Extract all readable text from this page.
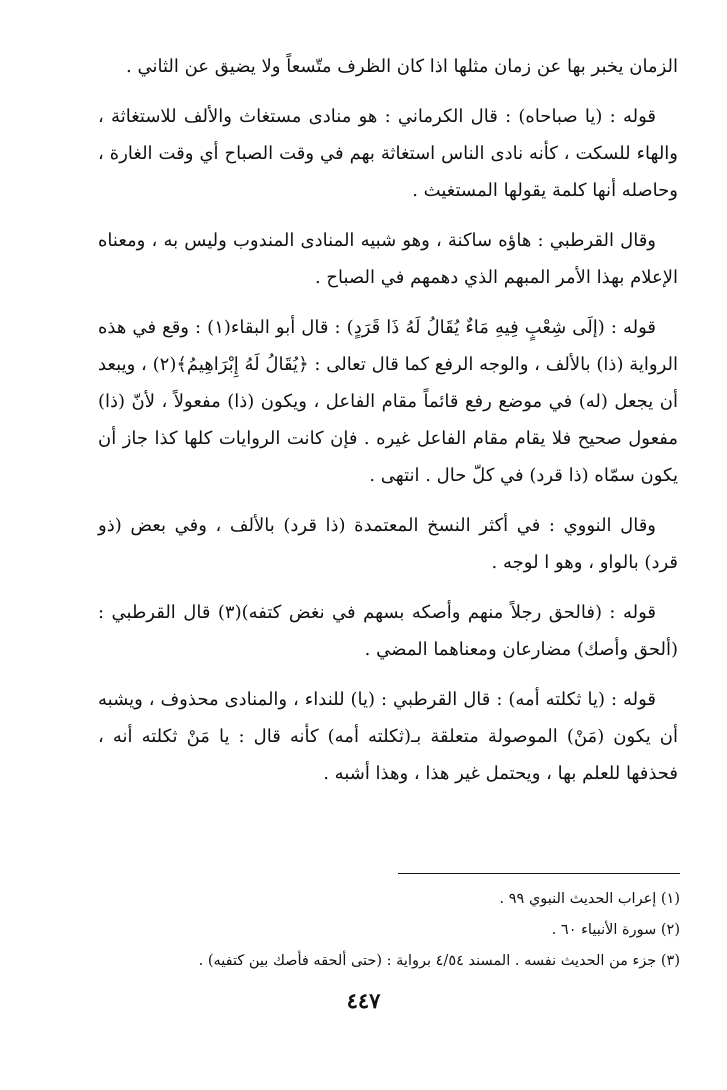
الزمان يخبر بها عن زمان مثلها اذا كان الظرف متّسعاً ولا يضيق عن الثاني .

قوله : (يا صباحاه) : قال الكرماني : هو منادى مستغاث والألف للاستغاثة ، والهاء للسكت ، كأنه نادى الناس استغاثة بهم في وقت الصباح أي وقت الغارة ، وحاصله أنها كلمة يقولها المستغيث .

وقال القرطبي : هاؤه ساكنة ، وهو شبيه المنادى المندوب وليس به ، ومعناه الإعلام بهذا الأمر المبهم الذي دهمهم في الصباح .

قوله : (إلَى شِعْبٍ فِيهِ مَاءٌ يُقَالُ لَهُ ذَا قَرَدٍ) : قال أبو البقاء(١) : وقع في هذه الرواية (ذا) بالألف ، والوجه الرفع كما قال تعالى : ﴿يُقَالُ لَهُ إِبْرَاهِيمُ﴾(٢) ، ويبعد أن يجعل (له) في موضع رفع قائماً مقام الفاعل ، ويكون (ذا) مفعولاً ، لأنّ (ذا) مفعول صحيح فلا يقام مقام الفاعل غيره . فإن كانت الروايات كلها كذا جاز أن يكون سمّاه (ذا قرد) في كلّ حال . انتهى .

وقال النووي : في أكثر النسخ المعتمدة (ذا قرد) بالألف ، وفي بعض (ذو قرد) بالواو ، وهو ا لوجه .

قوله : (فالحق رجلاً منهم وأصكه بسهم في نغض كتفه)(٣) قال القرطبي : (ألحق وأصك) مضارعان ومعناهما المضي .

قوله : (يا ثكلته أمه) : قال القرطبي : (يا) للنداء ، والمنادى محذوف ، ويشبه أن يكون (مَنْ) الموصولة متعلقة بـ(ثكلته أمه) كأنه قال : يا مَنْ ثكلته أنه ، فحذفها للعلم بها ، ويحتمل غير هذا ، وهذا أشبه .

(١) إعراب الحديث النبوي ٩٩ .

(٢) سورة الأنبياء ٦٠ .

(٣) جزء من الحديث نفسه . المسند ٤/٥٤ برواية : (حتى ألحقه فأصك بين كتفيه) .

٤٤٧
